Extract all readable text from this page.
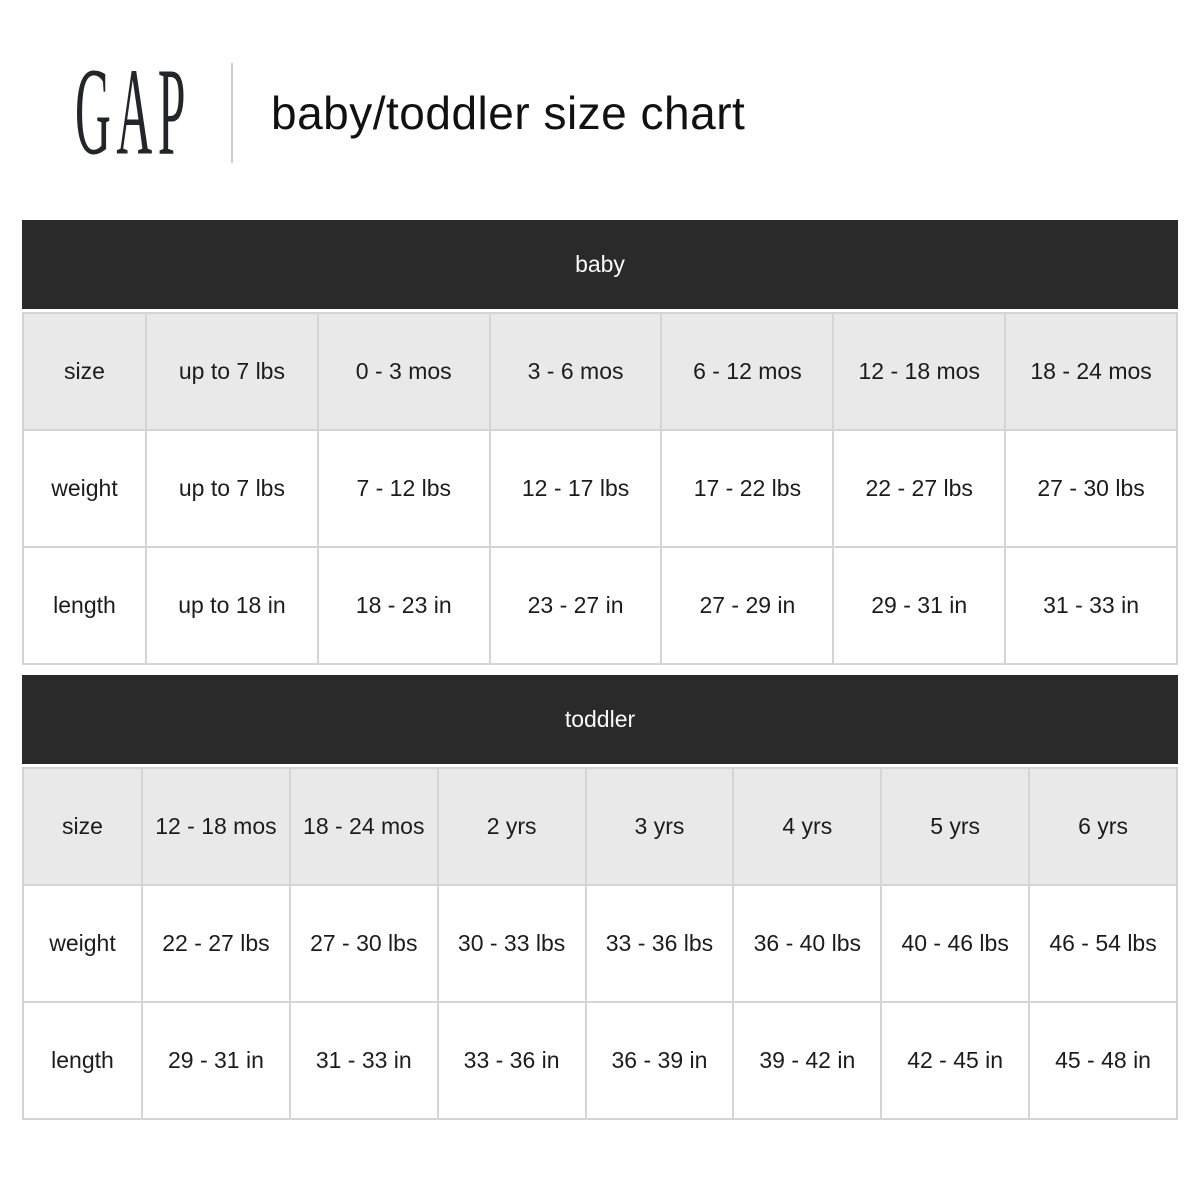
GAP baby/toddler size chart
baby
size	up to 7 lbs	0 - 3 mos	3 - 6 mos	6 - 12 mos	12 - 18 mos	18 - 24 mos
weight	up to 7 lbs	7 - 12 lbs	12 - 17 lbs	17 - 22 lbs	22 - 27 lbs	27 - 30 lbs
length	up to 18 in	18 - 23 in	23 - 27 in	27 - 29 in	29 - 31 in	31 - 33 in
toddler
size	12 - 18 mos	18 - 24 mos	2 yrs	3 yrs	4 yrs	5 yrs	6 yrs
weight	22 - 27 lbs	27 - 30 lbs	30 - 33 lbs	33 - 36 lbs	36 - 40 lbs	40 - 46 lbs	46 - 54 lbs
length	29 - 31 in	31 - 33 in	33 - 36 in	36 - 39 in	39 - 42 in	42 - 45 in	45 - 48 in
